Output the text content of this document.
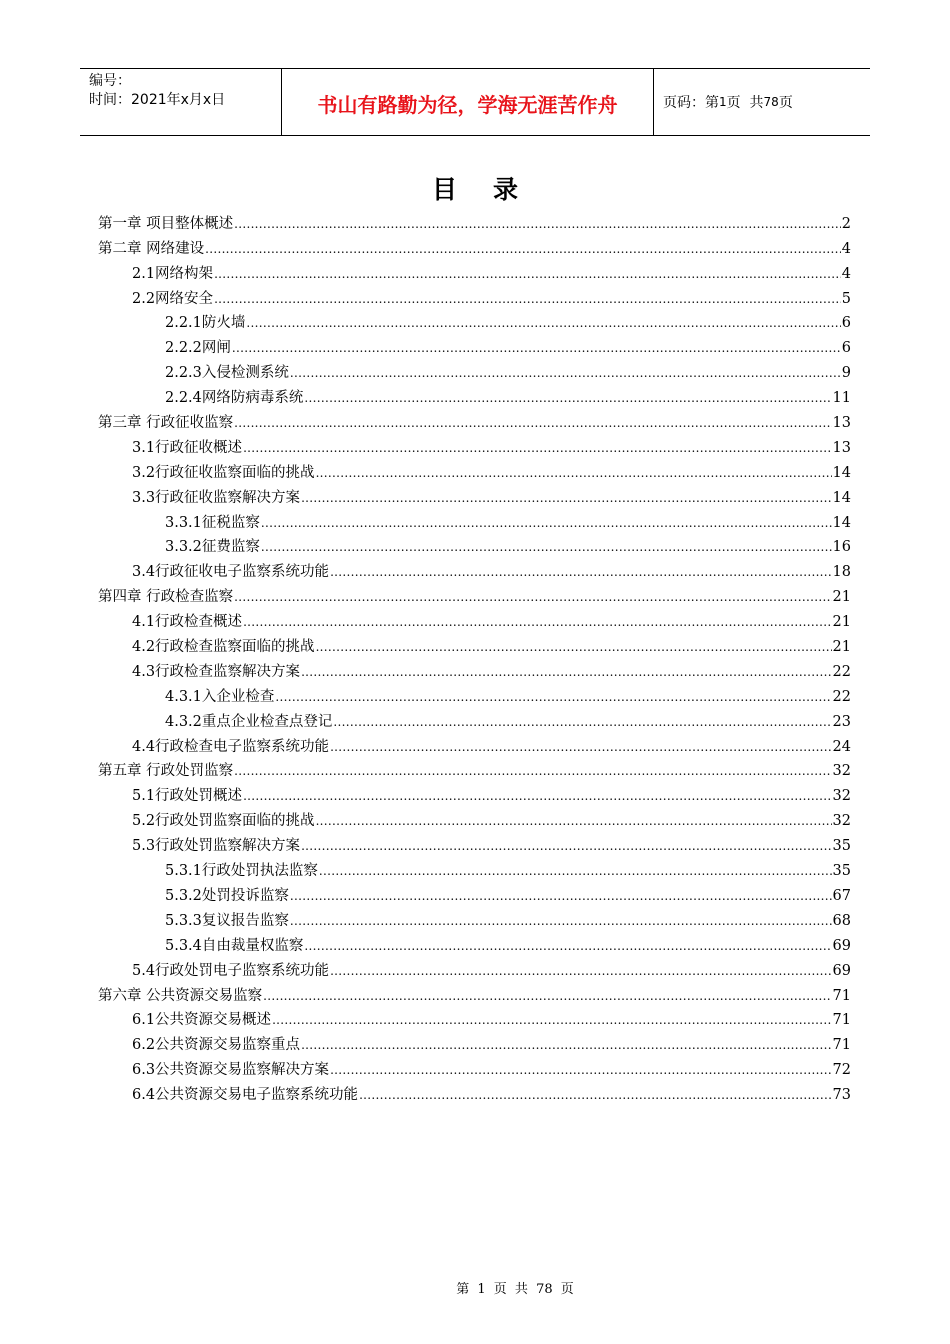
编号：
时间：2021年x月x日	书山有路勤为径，学海无涯苦作舟	页码：第 1 页  共 78 页
目录
第一章 项目整体概述 .....	2
第二章 网络建设 .....	4
2.1网络构架 .....	4
2.2网络安全 .....	5
2.2.1防火墙 .....	6
2.2.2网闸 .....	6
2.2.3入侵检测系统 .....	9
2.2.4网络防病毒系统 .....	11
第三章 行政征收监察 .....	13
3.1行政征收概述 .....	13
3.2行政征收监察面临的挑战 .....	14
3.3行政征收监察解决方案 .....	14
3.3.1征税监察 .....	14
3.3.2征费监察 .....	16
3.4行政征收电子监察系统功能 .....	18
第四章 行政检查监察 .....	21
4.1行政检查概述 .....	21
4.2行政检查监察面临的挑战 .....	21
4.3行政检查监察解决方案 .....	22
4.3.1入企业检查 .....	22
4.3.2重点企业检查点登记 .....	23
4.4行政检查电子监察系统功能 .....	24
第五章 行政处罚监察 .....	32
5.1行政处罚概述 .....	32
5.2行政处罚监察面临的挑战 .....	32
5.3行政处罚监察解决方案 .....	35
5.3.1行政处罚执法监察 .....	35
5.3.2处罚投诉监察 .....	67
5.3.3复议报告监察 .....	68
5.3.4自由裁量权监察 .....	69
5.4行政处罚电子监察系统功能 .....	69
第六章 公共资源交易监察 .....	71
6.1公共资源交易概述 .....	71
6.2公共资源交易监察重点 .....	71
6.3公共资源交易监察解决方案 .....	72
6.4公共资源交易电子监察系统功能 .....	73
第 1 页 共 78 页
